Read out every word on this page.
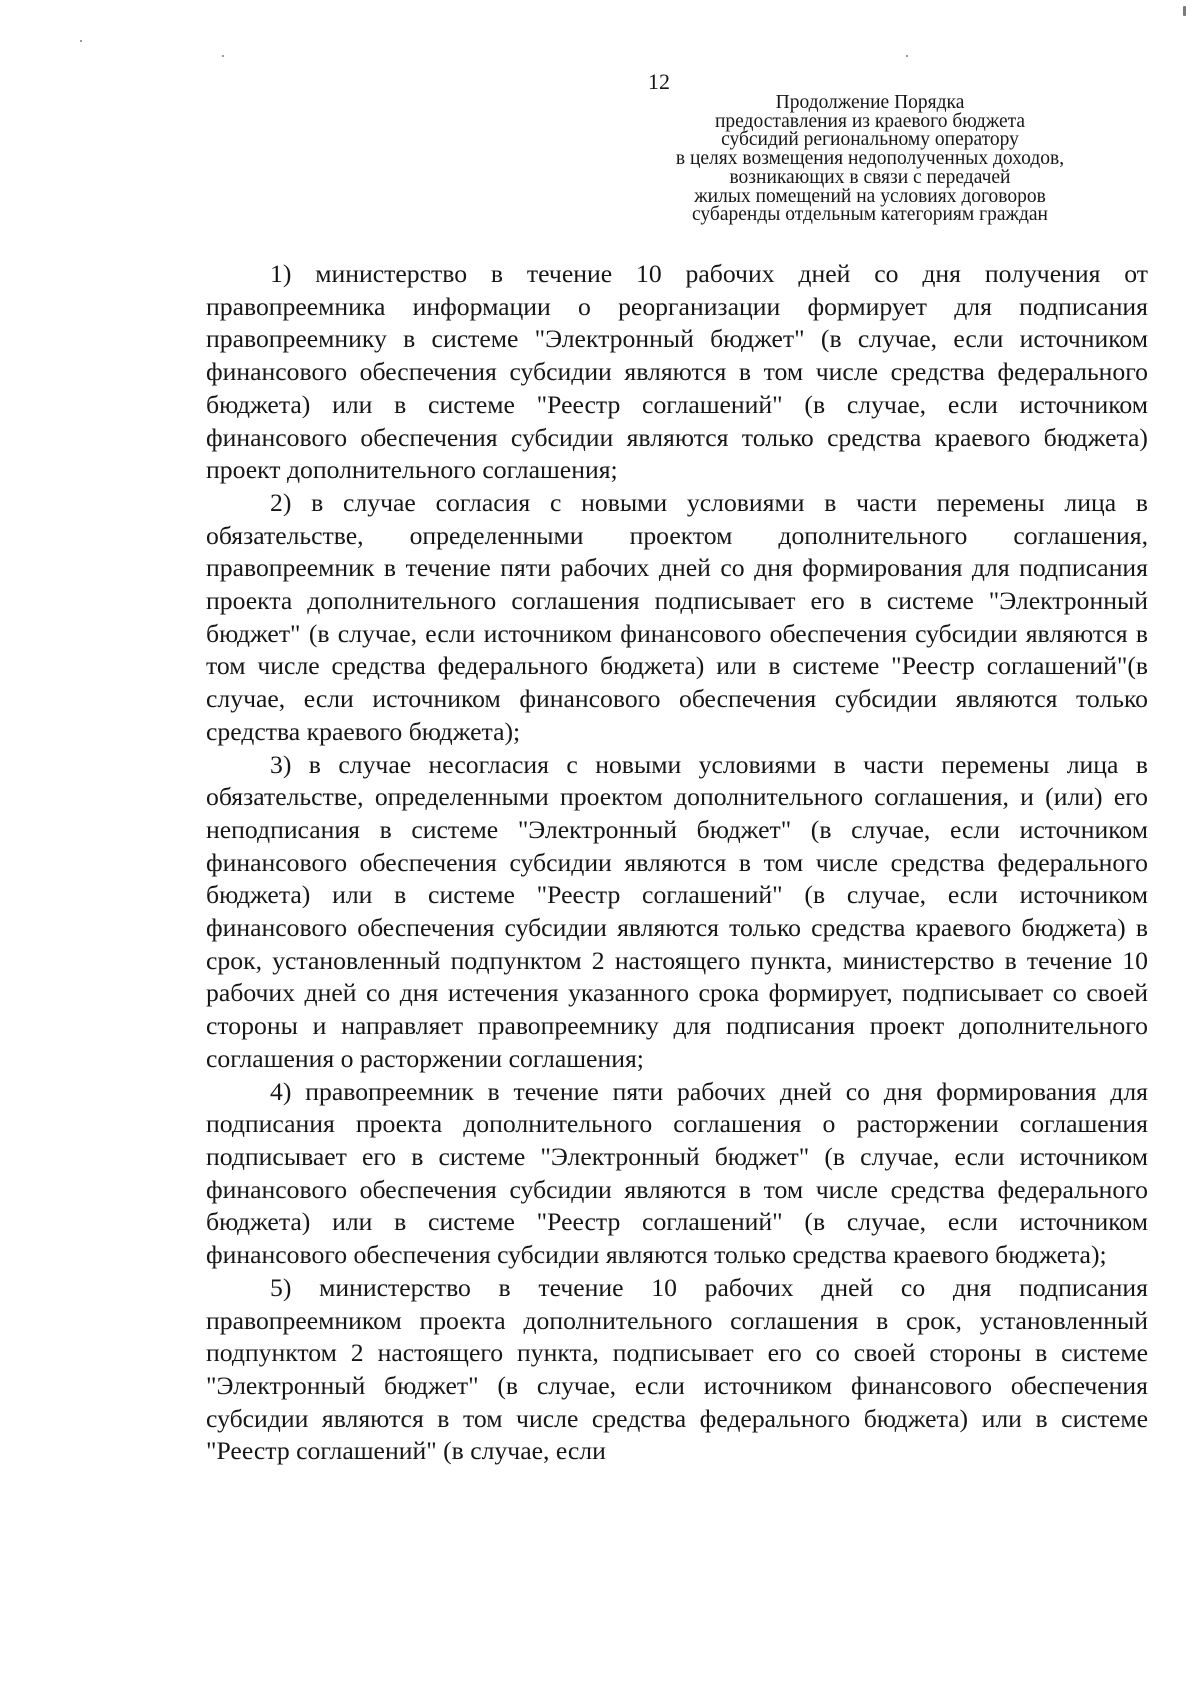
12
Продолжение Порядка
предоставления из краевого бюджета
субсидий региональному оператору
в целях возмещения недополученных доходов,
возникающих в связи с передачей
жилых помещений на условиях договоров
субаренды отдельным категориям граждан

1) министерство в течение 10 рабочих дней со дня получения от правопреемника информации о реорганизации формирует для подписания правопреемнику в системе "Электронный бюджет" (в случае, если источником финансового обеспечения субсидии являются в том числе средства федерального бюджета) или в системе "Реестр соглашений" (в случае, если источником финансового обеспечения субсидии являются только средства краевого бюджета) проект дополнительного соглашения;

2) в случае согласия с новыми условиями в части перемены лица в обязательстве, определенными проектом дополнительного соглашения, правопреемник в течение пяти рабочих дней со дня формирования для подписания проекта дополнительного соглашения подписывает его в системе "Электронный бюджет" (в случае, если источником финансового обеспечения субсидии являются в том числе средства федерального бюджета) или в системе "Реестр соглашений"(в случае, если источником финансового обеспечения субсидии являются только средства краевого бюджета);

3) в случае несогласия с новыми условиями в части перемены лица в обязательстве, определенными проектом дополнительного соглашения, и (или) его неподписания в системе "Электронный бюджет" (в случае, если источником финансового обеспечения субсидии являются в том числе средства федерального бюджета) или в системе "Реестр соглашений" (в случае, если источником финансового обеспечения субсидии являются только средства краевого бюджета) в срок, установленный подпунктом 2 настоящего пункта, министерство в течение 10 рабочих дней со дня истечения указанного срока формирует, подписывает со своей стороны и направляет правопреемнику для подписания проект дополнительного соглашения о расторжении соглашения;

4) правопреемник в течение пяти рабочих дней со дня формирования для подписания проекта дополнительного соглашения о расторжении соглашения подписывает его в системе "Электронный бюджет" (в случае, если источником финансового обеспечения субсидии являются в том числе средства федерального бюджета) или в системе "Реестр соглашений" (в случае, если источником финансового обеспечения субсидии являются только средства краевого бюджета);

5) министерство в течение 10 рабочих дней со дня подписания правопреемником проекта дополнительного соглашения в срок, установленный подпунктом 2 настоящего пункта, подписывает его со своей стороны в системе "Электронный бюджет" (в случае, если источником финансового обеспечения субсидии являются в том числе средства федерального бюджета) или в системе "Реестр соглашений" (в случае, если
